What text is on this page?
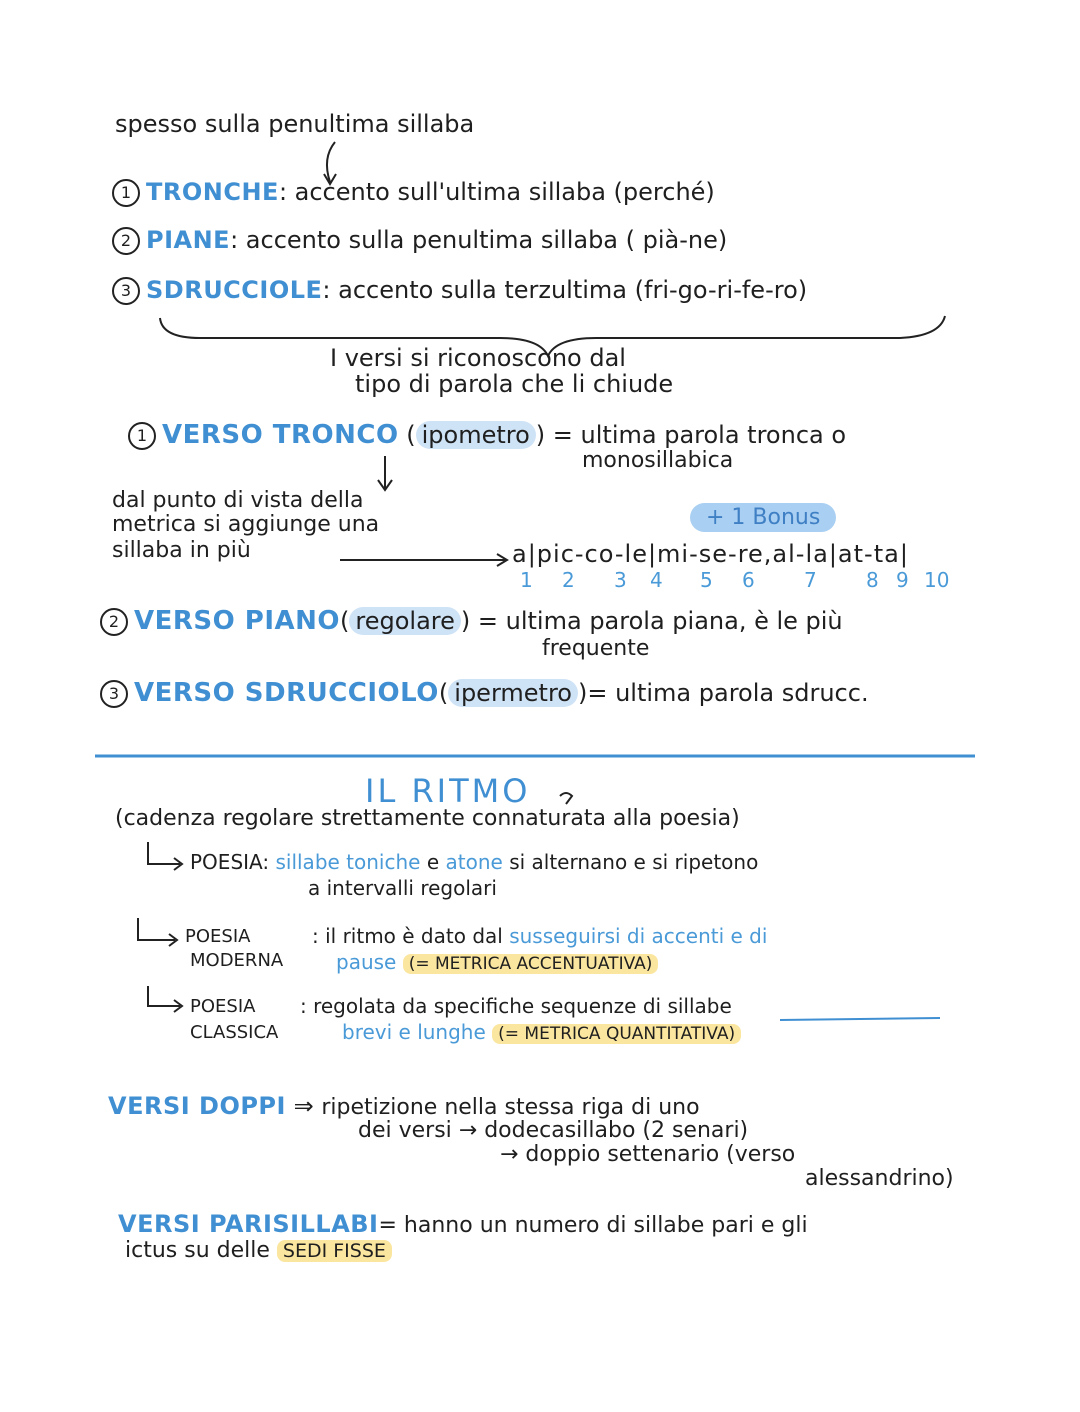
spesso sulla penultima sillaba
1 TRONCHE: accento sull'ultima sillaba (perché)
2 PIANE: accento sulla penultima sillaba ( pià-ne)
3 SDRUCCIOLE: accento sulla terzultima (fri-go-ri-fe-ro)
I versi si riconoscono dal
tipo di parola che li chiude
1 VERSO TRONCO ( ipometro ) = ultima parola tronca o
monosillabica
dal punto di vista della
metrica si aggiunge una
sillaba in più
+ 1 Bonus
a|pic-co-le|mi-se-re,al-la|at-ta|
1 2 3 4 5 6 7 8 9 10
2 VERSO PIANO( regolare ) = ultima parola piana, è le più
frequente
3 VERSO SDRUCCIOLO( ipermetro )= ultima parola sdrucc.
IL RITMO
(cadenza regolare strettamente connaturata alla poesia)
POESIA: sillabe toniche e atone si alternano e si ripetono
a intervalli regolari
POESIA
MODERNA
: il ritmo è dato dal susseguirsi di accenti e di
pause (= METRICA ACCENTUATIVA)
POESIA
CLASSICA
: regolata da specifiche sequenze di sillabe
brevi e lunghe (= METRICA QUANTITATIVA)
VERSI DOPPI ⇒ ripetizione nella stessa riga di uno
dei versi → dodecasillabo (2 senari)
→ doppio settenario (verso
alessandrino)
VERSI PARISILLABI= hanno un numero di sillabe pari e gli
ictus su delle SEDI FISSE
